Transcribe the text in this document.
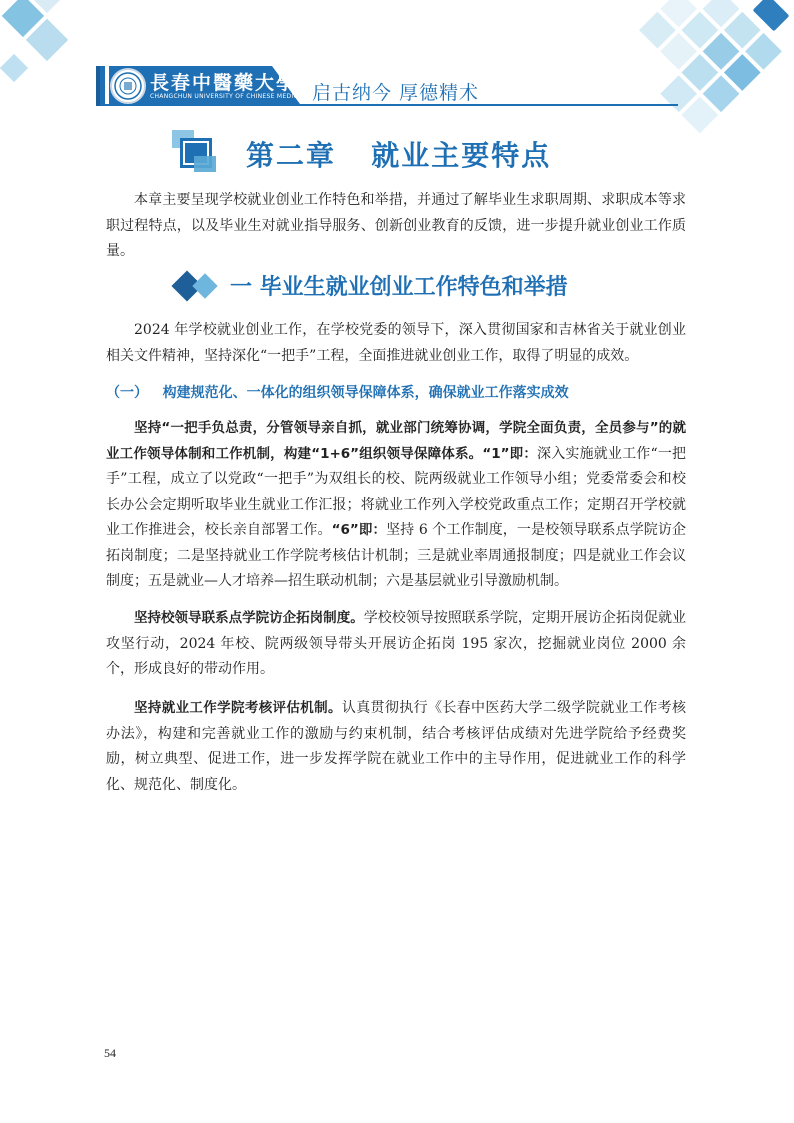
長春中醫藥大學
CHANGCHUN UNIVERSITY OF CHINESE MEDICINE 启古纳今 厚德精术
第二章   就业主要特点
本章主要呈现学校就业创业工作特色和举措，并通过了解毕业生求职周期、求职成本等求职过程特点，以及毕业生对就业指导服务、创新创业教育的反馈，进一步提升就业创业工作质量。
一 毕业生就业创业工作特色和举措
2024 年学校就业创业工作，在学校党委的领导下，深入贯彻国家和吉林省关于就业创业相关文件精神，坚持深化“一把手”工程，全面推进就业创业工作，取得了明显的成效。
（一）   构建规范化、一体化的组织领导保障体系，确保就业工作落实成效
坚持“一把手负总责，分管领导亲自抓，就业部门统筹协调，学院全面负责，全员参与”的就业工作领导体制和工作机制，构建“1+6”组织领导保障体系。“1”即：深入实施就业工作“一把手”工程，成立了以党政“一把手”为双组长的校、院两级就业工作领导小组；党委常委会和校长办公会定期听取毕业生就业工作汇报；将就业工作列入学校党政重点工作；定期召开学校就业工作推进会，校长亲自部署工作。“6”即：坚持 6 个工作制度，一是校领导联系点学院访企拓岗制度；二是坚持就业工作学院考核估计机制；三是就业率周通报制度；四是就业工作会议制度；五是就业—人才培养—招生联动机制；六是基层就业引导激励机制。
坚持校领导联系点学院访企拓岗制度。学校校领导按照联系学院，定期开展访企拓岗促就业攻坚行动，2024 年校、院两级领导带头开展访企拓岗 195 家次，挖掘就业岗位 2000 余个，形成良好的带动作用。
坚持就业工作学院考核评估机制。认真贯彻执行《长春中医药大学二级学院就业工作考核办法》，构建和完善就业工作的激励与约束机制，结合考核评估成绩对先进学院给予经费奖励，树立典型、促进工作，进一步发挥学院在就业工作中的主导作用，促进就业工作的科学化、规范化、制度化。
54
